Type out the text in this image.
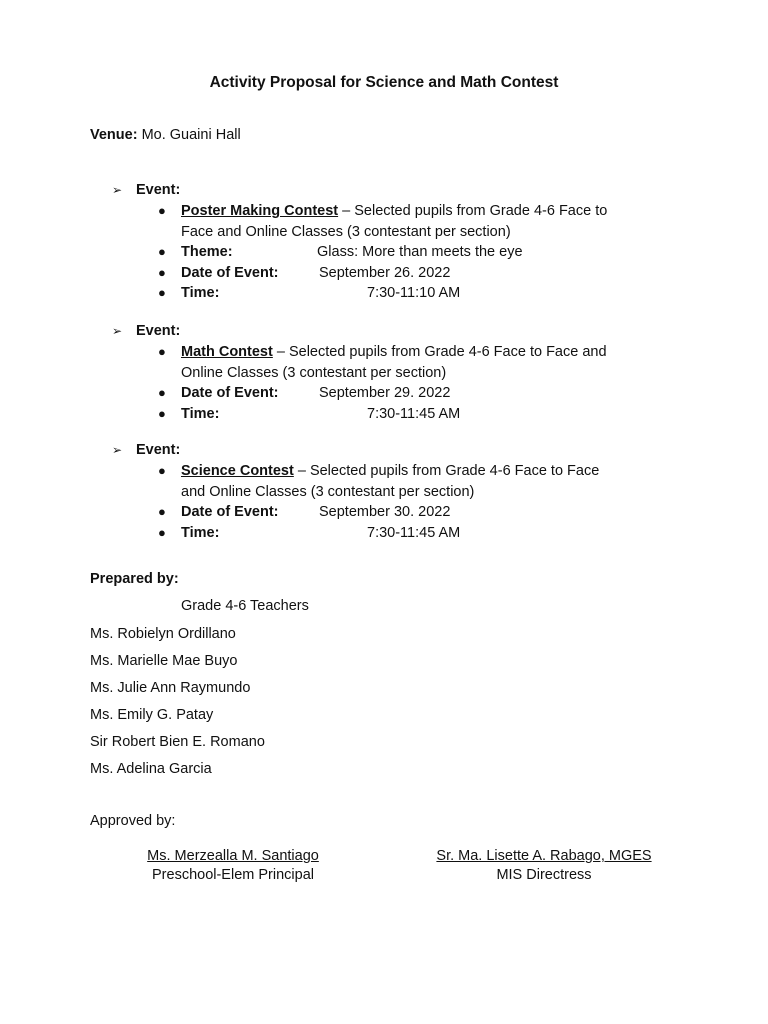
Activity Proposal for Science and Math Contest
Venue: Mo. Guaini Hall
➢ Event:
● Poster Making Contest – Selected pupils from Grade 4-6 Face to Face and Online Classes (3 contestant per section)
● Theme:	Glass: More than meets the eye
● Date of Event:	September 26. 2022
● Time:	7:30-11:10 AM
➢ Event:
● Math Contest – Selected pupils from Grade 4-6 Face to Face and Online Classes (3 contestant per section)
● Date of Event:	September 29. 2022
● Time:	7:30-11:45 AM
➢ Event:
● Science Contest – Selected pupils from Grade 4-6 Face to Face and Online Classes (3 contestant per section)
● Date of Event:	September 30. 2022
● Time:	7:30-11:45 AM
Prepared by:
Grade 4-6 Teachers
Ms. Robielyn Ordillano
Ms. Marielle Mae Buyo
Ms. Julie Ann Raymundo
Ms. Emily G. Patay
Sir Robert Bien E. Romano
Ms. Adelina Garcia
Approved by:
Ms. Merzealla M. Santiago
Preschool-Elem Principal
Sr. Ma. Lisette A. Rabago, MGES
MIS Directress
